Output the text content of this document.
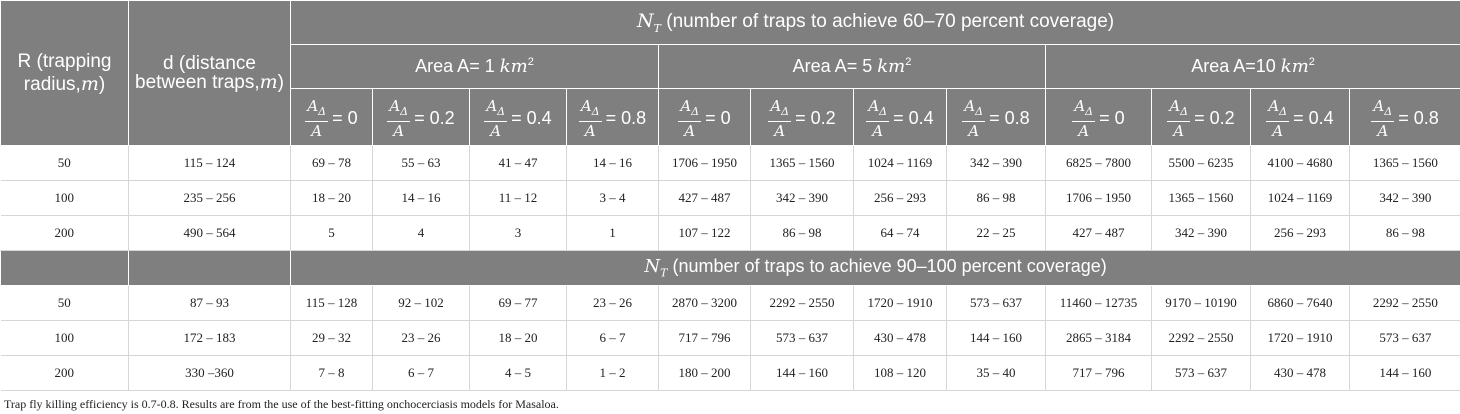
R (trapping radius,m)	d (distance between traps,m)	$N_T$ (number of traps to achieve 60–70 percent coverage)											
		Area A= 1 $km^2$				Area A= 5 $km^2$				Area A=10 $km^2$

		$\frac{A_\Delta}{A} = 0$	$\frac{A_\Delta}{A} = 0.2$	$\frac{A_\Delta}{A} = 0.4$	$\frac{A_\Delta}{A} = 0.8$	$\frac{A_\Delta}{A} = 0$	$\frac{A_\Delta}{A} = 0.2$	$\frac{A_\Delta}{A} = 0.4$	$\frac{A_\Delta}{A} = 0.8$	$\frac{A_\Delta}{A} = 0$	$\frac{A_\Delta}{A} = 0.2$	$\frac{A_\Delta}{A} = 0.4$	$\frac{A_\Delta}{A} = 0.8$

50	115 – 124	69 – 78	55 – 63	41 – 47	14 – 16	1706 – 1950	1365 – 1560	1024 – 1169	342 – 390	6825 – 7800	5500 – 6235	4100 – 4680	1365 – 1560
100	235 – 256	18 – 20	14 – 16	11 – 12	3 – 4	427 – 487	342 – 390	256 – 293	86 – 98	1706 – 1950	1365 – 1560	1024 – 1169	342 – 390
200	490 – 564	5	4	3	1	107 – 122	86 – 98	64 – 74	22 – 25	427 – 487	342 – 390	256 – 293	86 – 98
		$N_T$ (number of traps to achieve 90–100 percent coverage)											
50	87 – 93	115 – 128	92 – 102	69 – 77	23 – 26	2870 – 3200	2292 – 2550	1720 – 1910	573 – 637	11460 – 12735	9170 – 10190	6860 – 7640	2292 – 2550
100	172 – 183	29 – 32	23 – 26	18 – 20	6 – 7	717 – 796	573 – 637	430 – 478	144 – 160	2865 – 3184	2292 – 2550	1720 – 1910	573 – 637
200	330 –360	7 – 8	6 – 7	4 – 5	1 – 2	180 – 200	144 – 160	108 – 120	35 – 40	717 – 796	573 – 637	430 – 478	144 – 160
Trap fly killing efficiency is 0.7-0.8. Results are from the use of the best-fitting onchocerciasis models for Masaloa.
